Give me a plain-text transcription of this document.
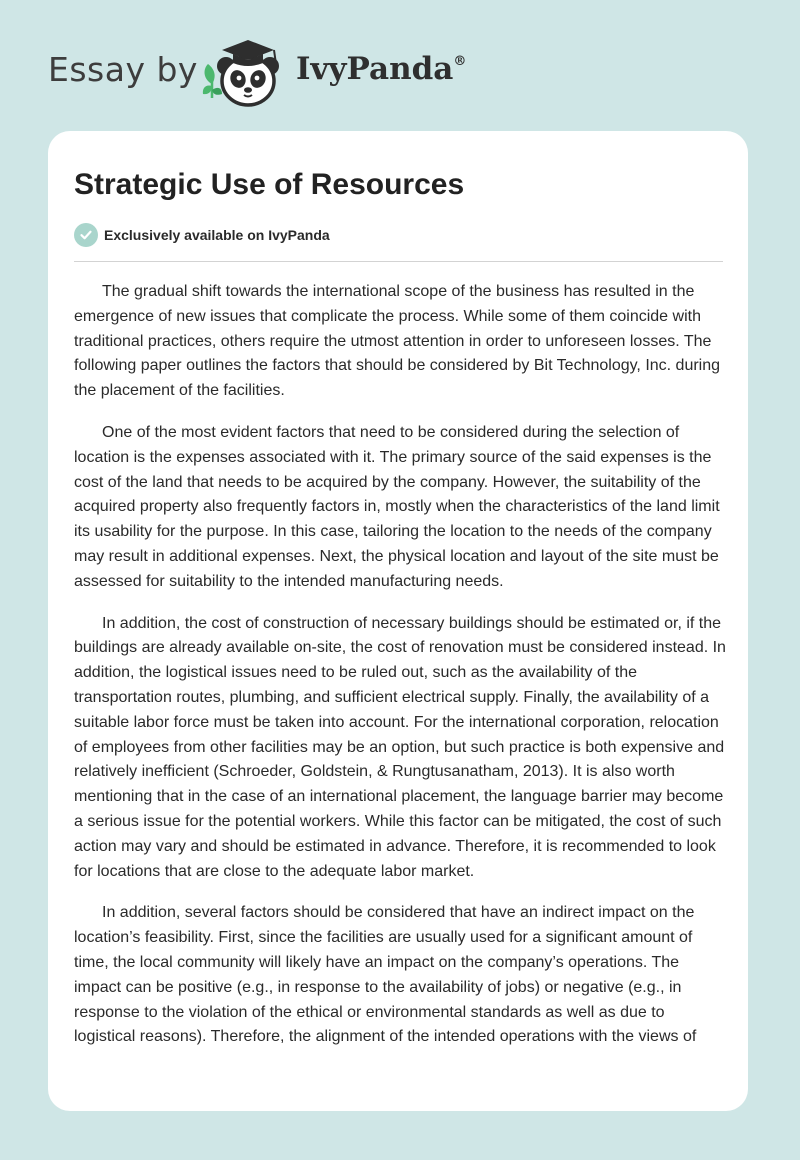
Essay by	IvyPanda®
Strategic Use of Resources
Exclusively available on IvyPanda

The gradual shift towards the international scope of the business has resulted in the emergence of new issues that complicate the process. While some of them coincide with traditional practices, others require the utmost attention in order to unforeseen losses. The following paper outlines the factors that should be considered by Bit Technology, Inc. during the placement of the facilities.

One of the most evident factors that need to be considered during the selection of location is the expenses associated with it. The primary source of the said expenses is the cost of the land that needs to be acquired by the company. However, the suitability of the acquired property also frequently factors in, mostly when the characteristics of the land limit its usability for the purpose. In this case, tailoring the location to the needs of the company may result in additional expenses. Next, the physical location and layout of the site must be assessed for suitability to the intended manufacturing needs.

In addition, the cost of construction of necessary buildings should be estimated or, if the buildings are already available on-site, the cost of renovation must be considered instead. In addition, the logistical issues need to be ruled out, such as the availability of the transportation routes, plumbing, and sufficient electrical supply. Finally, the availability of a suitable labor force must be taken into account. For the international corporation, relocation of employees from other facilities may be an option, but such practice is both expensive and relatively inefficient (Schroeder, Goldstein, & Rungtusanatham, 2013). It is also worth mentioning that in the case of an international placement, the language barrier may become a serious issue for the potential workers. While this factor can be mitigated, the cost of such action may vary and should be estimated in advance. Therefore, it is recommended to look for locations that are close to the adequate labor market.

In addition, several factors should be considered that have an indirect impact on the location’s feasibility. First, since the facilities are usually used for a significant amount of time, the local community will likely have an impact on the company’s operations. The impact can be positive (e.g., in response to the availability of jobs) or negative (e.g., in response to the violation of the ethical or environmental standards as well as due to logistical reasons). Therefore, the alignment of the intended operations with the views of
